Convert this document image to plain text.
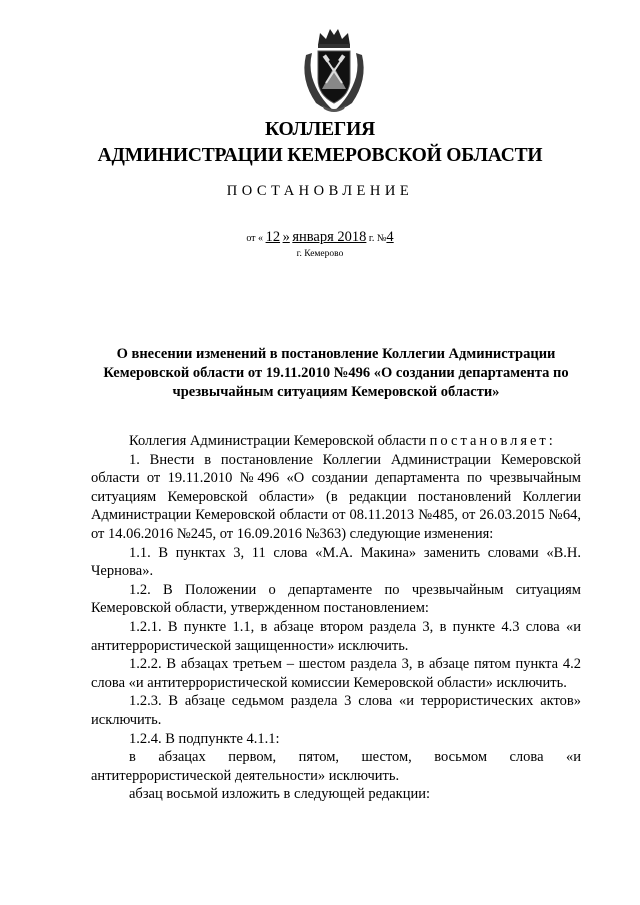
КОЛЛЕГИЯ
АДМИНИСТРАЦИИ КЕМЕРОВСКОЙ ОБЛАСТИ
ПОСТАНОВЛЕНИЕ
от « 12 » января 2018 г. №4
г. Кемерово
О внесении изменений в постановление Коллегии Администрации Кемеровской области от 19.11.2010 №496 «О создании департамента по чрезвычайным ситуациям Кемеровской области»

Коллегия Администрации Кемеровской области постановляет:

1. Внести в постановление Коллегии Администрации Кемеровской области от 19.11.2010 №496 «О создании департамента по чрезвычайным ситуациям Кемеровской области» (в редакции постановлений Коллегии Администрации Кемеровской области от 08.11.2013 №485, от 26.03.2015 №64, от 14.06.2016 №245, от 16.09.2016 №363) следующие изменения:

1.1. В пунктах 3, 11 слова «М.А. Макина» заменить словами «В.Н. Чернова».

1.2. В Положении о департаменте по чрезвычайным ситуациям Кемеровской области, утвержденном постановлением:

1.2.1. В пункте 1.1, в абзаце втором раздела 3, в пункте 4.3 слова «и антитеррористической защищенности» исключить.

1.2.2. В абзацах третьем – шестом раздела 3, в абзаце пятом пункта 4.2 слова «и антитеррористической комиссии Кемеровской области» исключить.

1.2.3. В абзаце седьмом раздела 3 слова «и террористических актов» исключить.

1.2.4. В подпункте 4.1.1:

в абзацах первом, пятом, шестом, восьмом слова «и антитеррористической деятельности» исключить.

абзац восьмой изложить в следующей редакции:
